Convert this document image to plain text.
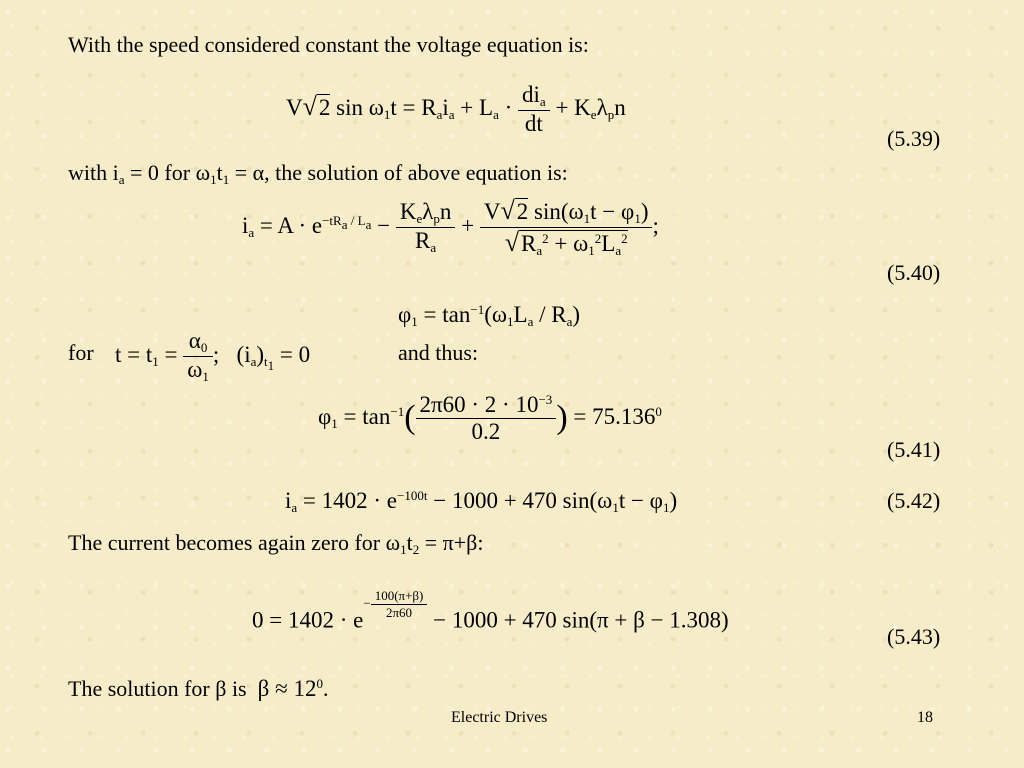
With the speed considered constant the voltage equation is:
V√2 $\sin \omega_1t = R_ai_a + L_a \cdot \frac{di_a}{dt} + K_e\lambda_pn$
(5.39)
with $i_a = 0$ for $\omega_1t_1 = \alpha$, the solution of above equation is:
$i_a = A \cdot e^{-tR_a / L_a} - \frac{K_e\lambda_pn}{R_a} + \frac{V√2 \sin(\omega_1t - \varphi_1)}{√R_a^2 + \omega_1^2L_a^2}$ ;
(5.40)
$\varphi_1 = \tan^{-1}(\omega_1L_a / R_a)$
for $t = t_1 = \frac{\alpha_0}{\omega_1}$ ; $(i_a)_{t_1} = 0$	and thus:
$\varphi_1 = \tan^{-1}( \frac{2\pi 60 \cdot 2 \cdot 10^{-3}}{0.2}$ ) = $75.136^0$
(5.41)
$i_a = 1402 \cdot e^{-100t} - 1000 + 470$ $\sin(\omega_1t - \varphi_1)$	(5.42)
The current becomes again zero for $\omega_1t_2 = \pi+\beta$:
$0 = 1402 \cdot e- \frac{100(\pi+\beta)}{2\pi 60} - 1000 + 470$ sin(π + β − 1.308)
(5.43)
The solution for β is $\beta \approx 12^0$.
Electric Drives	18
